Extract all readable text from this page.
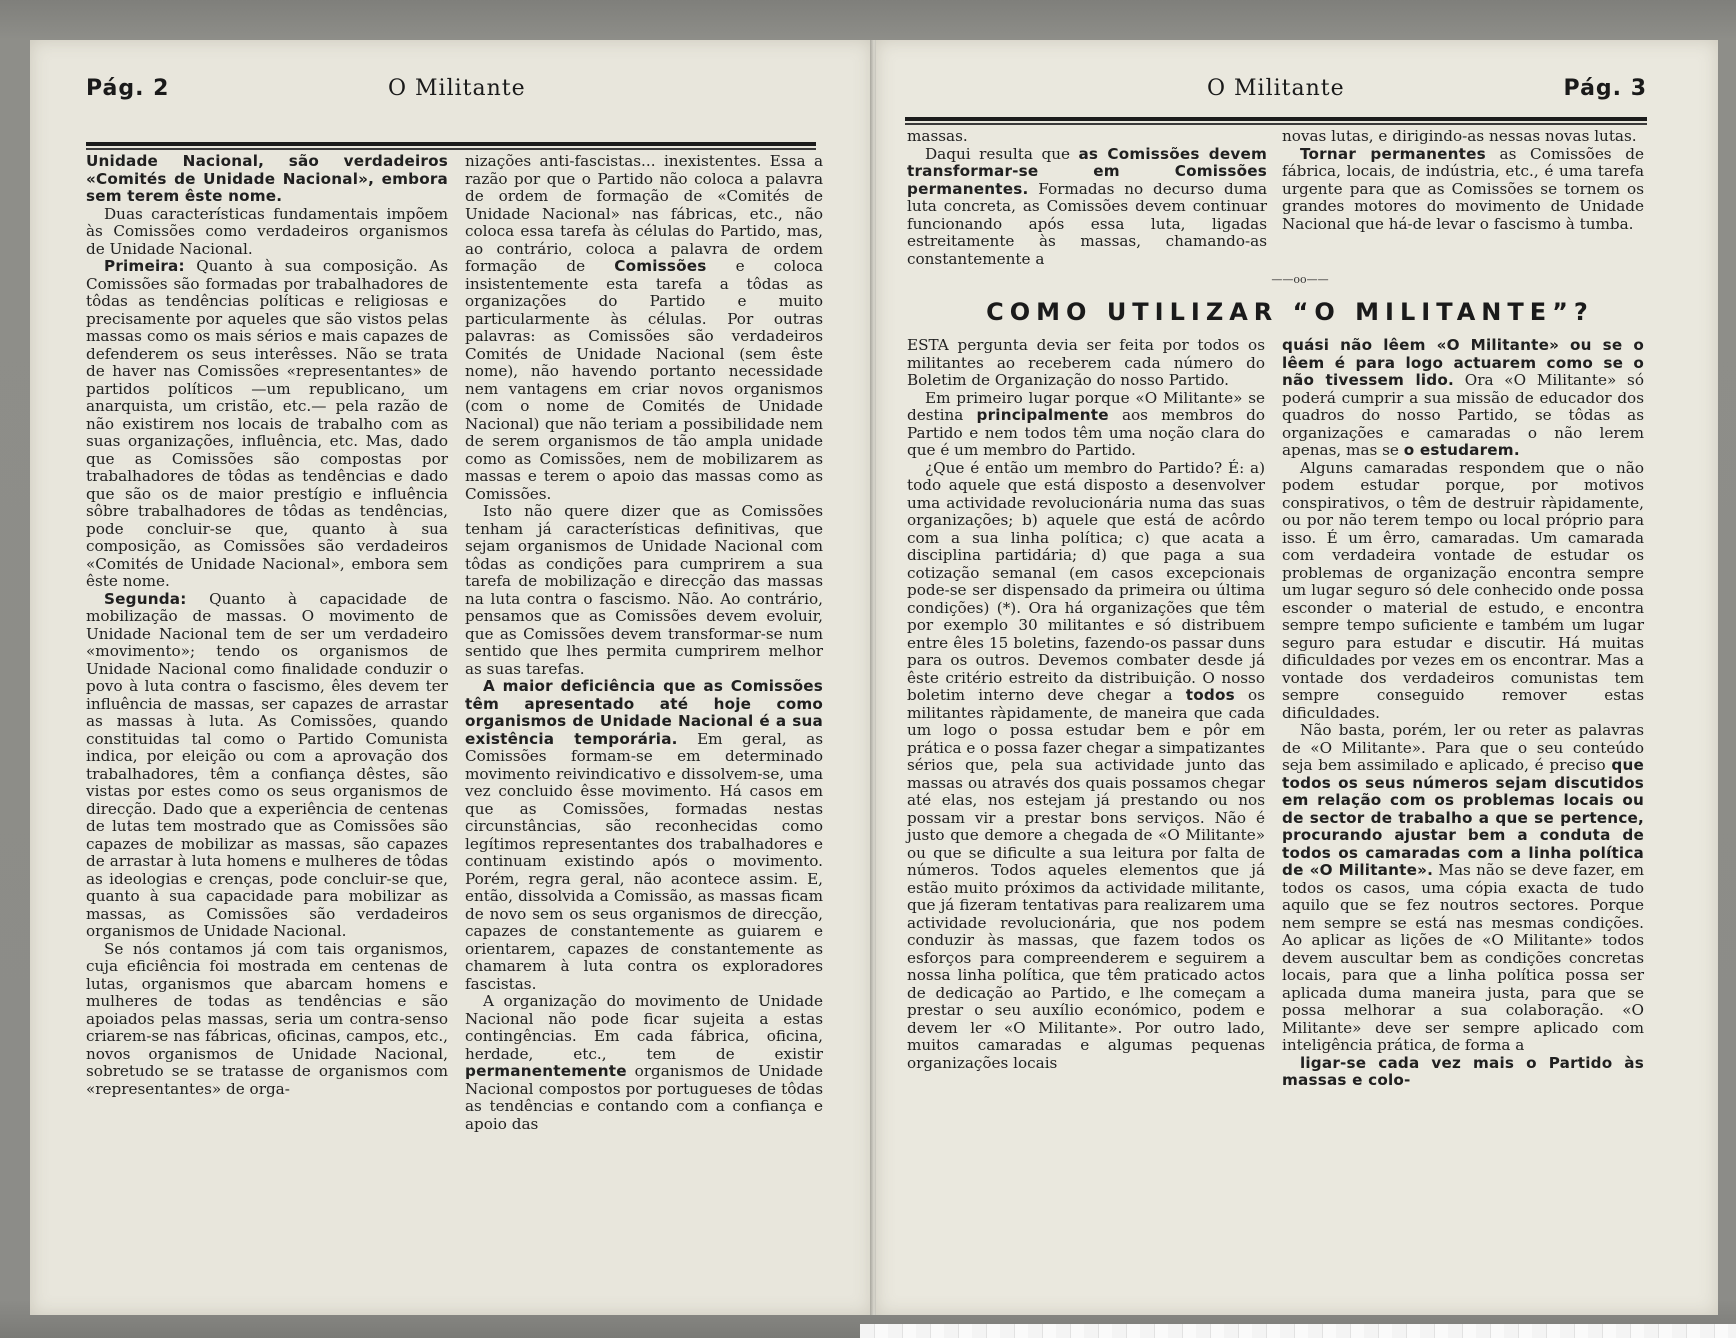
Pág. 2	O Militante

Unidade Nacional, são verdadeiros «Comités de Unidade Nacional», embora sem terem êste nome.

Duas características fundamentais impõem às Comissões como verdadeiros organismos de Unidade Nacional.

Primeira: Quanto à sua composição. As Comissões são formadas por trabalhadores de tôdas as tendências políticas e religiosas e precisamente por aqueles que são vistos pelas massas como os mais sérios e mais capazes de defenderem os seus interêsses. Não se trata de haver nas Comissões «representantes» de partidos políticos —um republicano, um anarquista, um cristão, etc.— pela razão de não existirem nos locais de trabalho com as suas organizações, influência, etc. Mas, dado que as Comissões são compostas por trabalhadores de tôdas as tendências e dado que são os de maior prestígio e influência sôbre trabalhadores de tôdas as tendências, pode concluir-se que, quanto à sua composição, as Comissões são verdadeiros «Comités de Unidade Nacional», embora sem êste nome.

Segunda: Quanto à capacidade de mobilização de massas. O movimento de Unidade Nacional tem de ser um verdadeiro «movimento»; tendo os organismos de Unidade Nacional como finalidade conduzir o povo à luta contra o fascismo, êles devem ter influência de massas, ser capazes de arrastar as massas à luta. As Comissões, quando constituidas tal como o Partido Comunista indica, por eleição ou com a aprovação dos trabalhadores, têm a confiança dêstes, são vistas por estes como os seus organismos de direcção. Dado que a experiência de centenas de lutas tem mostrado que as Comissões são capazes de mobilizar as massas, são capazes de arrastar à luta homens e mulheres de tôdas as ideologias e crenças, pode concluir-se que, quanto à sua capacidade para mobilizar as massas, as Comissões são verdadeiros organismos de Unidade Nacional.

Se nós contamos já com tais organismos, cuja eficiência foi mostrada em centenas de lutas, organismos que abarcam homens e mulheres de todas as tendências e são apoiados pelas massas, seria um contra-senso criarem-se nas fábricas, oficinas, campos, etc., novos organismos de Unidade Nacional, sobretudo se se tratasse de organismos com «representantes» de orga-

nizações anti-fascistas... inexistentes. Essa a razão por que o Partido não coloca a palavra de ordem de formação de «Comités de Unidade Nacional» nas fábricas, etc., não coloca essa tarefa às células do Partido, mas, ao contrário, coloca a palavra de ordem formação de Comissões e coloca insistentemente esta tarefa a tôdas as organizações do Partido e muito particularmente às células. Por outras palavras: as Comissões são verdadeiros Comités de Unidade Nacional (sem êste nome), não havendo portanto necessidade nem vantagens em criar novos organismos (com o nome de Comités de Unidade Nacional) que não teriam a possibilidade nem de serem organismos de tão ampla unidade como as Comissões, nem de mobilizarem as massas e terem o apoio das massas como as Comissões.

Isto não quere dizer que as Comissões tenham já características definitivas, que sejam organismos de Unidade Nacional com tôdas as condições para cumprirem a sua tarefa de mobilização e direcção das massas na luta contra o fascismo. Não. Ao contrário, pensamos que as Comissões devem evoluir, que as Comissões devem transformar-se num sentido que lhes permita cumprirem melhor as suas tarefas.

A maior deficiência que as Comissões têm apresentado até hoje como organismos de Unidade Nacional é a sua existência temporária. Em geral, as Comissões formam-se em determinado movimento reivindicativo e dissolvem-se, uma vez concluido êsse movimento. Há casos em que as Comissões, formadas nestas circunstâncias, são reconhecidas como legítimos representantes dos trabalhadores e continuam existindo após o movimento. Porém, regra geral, não acontece assim. E, então, dissolvida a Comissão, as massas ficam de novo sem os seus organismos de direcção, capazes de constantemente as guiarem e orientarem, capazes de constantemente as chamarem à luta contra os exploradores fascistas.

A organização do movimento de Unidade Nacional não pode ficar sujeita a estas contingências. Em cada fábrica, oficina, herdade, etc., tem de existir permanentemente organismos de Unidade Nacional compostos por portugueses de tôdas as tendências e contando com a confiança e apoio das

O Militante	Pág. 3

massas.

Daqui resulta que as Comissões devem transformar-se em Comissões permanentes. Formadas no decurso duma luta concreta, as Comissões devem continuar funcionando após essa luta, ligadas estreitamente às massas, chamando-as constantemente a

novas lutas, e dirigindo-as nessas novas lutas.

Tornar permanentes as Comissões de fábrica, locais, de indústria, etc., é uma tarefa urgente para que as Comissões se tornem os grandes motores do movimento de Unidade Nacional que há-de levar o fascismo à tumba.

——oo——
COMO UTILIZAR “O MILITANTE”?

ESTA pergunta devia ser feita por todos os militantes ao receberem cada número do Boletim de Organização do nosso Partido.

Em primeiro lugar porque «O Militante» se destina principalmente aos membros do Partido e nem todos têm uma noção clara do que é um membro do Partido.

¿Que é então um membro do Partido? É: a) todo aquele que está disposto a desenvolver uma actividade revolucionária numa das suas organizações; b) aquele que está de acôrdo com a sua linha política; c) que acata a disciplina partidária; d) que paga a sua cotização semanal (em casos excepcionais pode-se ser dispensado da primeira ou última condições) (*). Ora há organizações que têm por exemplo 30 militantes e só distribuem entre êles 15 boletins, fazendo-os passar duns para os outros. Devemos combater desde já êste critério estreito da distribuição. O nosso boletim interno deve chegar a todos os militantes ràpidamente, de maneira que cada um logo o possa estudar bem e pôr em prática e o possa fazer chegar a simpatizantes sérios que, pela sua actividade junto das massas ou através dos quais possamos chegar até elas, nos estejam já prestando ou nos possam vir a prestar bons serviços. Não é justo que demore a chegada de «O Militante» ou que se dificulte a sua leitura por falta de números. Todos aqueles elementos que já estão muito próximos da actividade militante, que já fizeram tentativas para realizarem uma actividade revolucionária, que nos podem conduzir às massas, que fazem todos os esforços para compreenderem e seguirem a nossa linha política, que têm praticado actos de dedicação ao Partido, e lhe começam a prestar o seu auxílio económico, podem e devem ler «O Militante». Por outro lado, muitos camaradas e algumas pequenas organizações locais

quási não lêem «O Militante» ou se o lêem é para logo actuarem como se o não tivessem lido. Ora «O Militante» só poderá cumprir a sua missão de educador dos quadros do nosso Partido, se tôdas as organizações e camaradas o não lerem apenas, mas se o estudarem.

Alguns camaradas respondem que o não podem estudar porque, por motivos conspirativos, o têm de destruir ràpidamente, ou por não terem tempo ou local próprio para isso. É um êrro, camaradas. Um camarada com verdadeira vontade de estudar os problemas de organização encontra sempre um lugar seguro só dele conhecido onde possa esconder o material de estudo, e encontra sempre tempo suficiente e também um lugar seguro para estudar e discutir. Há muitas dificuldades por vezes em os encontrar. Mas a vontade dos verdadeiros comunistas tem sempre conseguido remover estas dificuldades.

Não basta, porém, ler ou reter as palavras de «O Militante». Para que o seu conteúdo seja bem assimilado e aplicado, é preciso que todos os seus números sejam discutidos em relação com os problemas locais ou de sector de trabalho a que se pertence, procurando ajustar bem a conduta de todos os camaradas com a linha política de «O Militante». Mas não se deve fazer, em todos os casos, uma cópia exacta de tudo aquilo que se fez noutros sectores. Porque nem sempre se está nas mesmas condições. Ao aplicar as lições de «O Militante» todos devem auscultar bem as condições concretas locais, para que a linha política possa ser aplicada duma maneira justa, para que se possa melhorar a sua colaboração. «O Militante» deve ser sempre aplicado com inteligência prática, de forma a

ligar-se cada vez mais o Partido às massas e colo-
